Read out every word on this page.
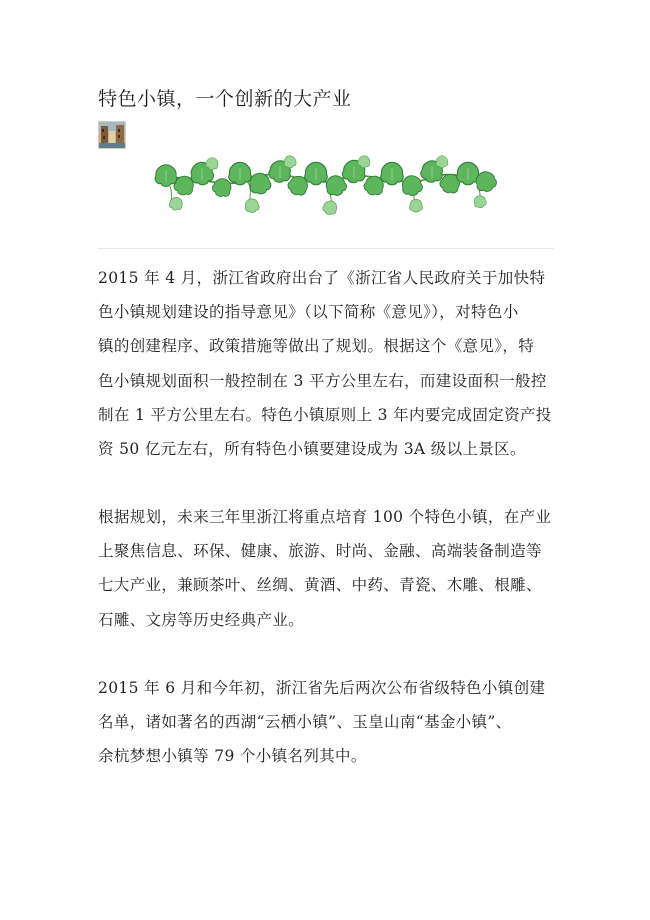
特色小镇，一个创新的大产业

2015 年 4 月，浙江省政府出台了《浙江省人民政府关于加快特
色小镇规划建设的指导意见》（以下简称《意见》），对特色小
镇的创建程序、政策措施等做出了规划。根据这个《意见》，特
色小镇规划面积一般控制在 3 平方公里左右，而建设面积一般控
制在 1 平方公里左右。特色小镇原则上 3 年内要完成固定资产投
资 50 亿元左右，所有特色小镇要建设成为 3A 级以上景区。

根据规划，未来三年里浙江将重点培育 100 个特色小镇，在产业
上聚焦信息、环保、健康、旅游、时尚、金融、高端装备制造等
七大产业，兼顾茶叶、丝绸、黄酒、中药、青瓷、木雕、根雕、
石雕、文房等历史经典产业。

2015 年 6 月和今年初，浙江省先后两次公布省级特色小镇创建
名单，诸如著名的西湖“云栖小镇”、玉皇山南“基金小镇”、
余杭梦想小镇等 79 个小镇名列其中。
